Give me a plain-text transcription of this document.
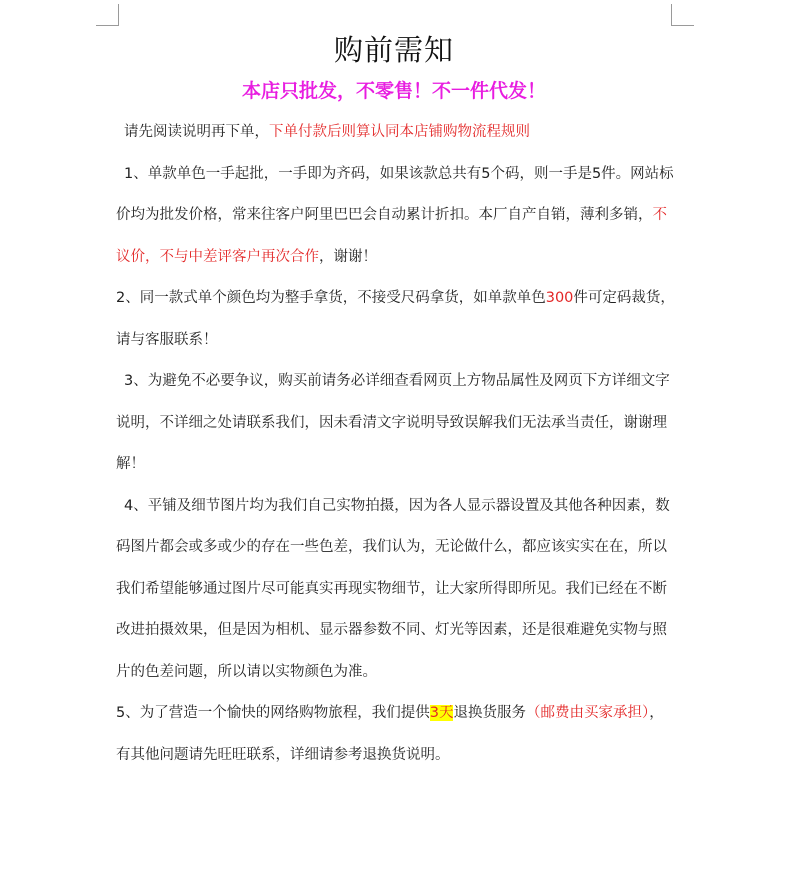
购前需知
本店只批发，不零售！不一件代发！

请先阅读说明再下单，下单付款后则算认同本店铺购物流程规则

1、单款单色一手起批，一手即为齐码，如果该款总共有5个码，则一手是5件。网站标价均为批发价格，常来往客户阿里巴巴会自动累计折扣。本厂自产自销，薄利多销，不议价，不与中差评客户再次合作，谢谢！

2、同一款式单个颜色均为整手拿货，不接受尺码拿货，如单款单色300件可定码裁货，请与客服联系！

3、为避免不必要争议，购买前请务必详细查看网页上方物品属性及网页下方详细文字说明，不详细之处请联系我们，因未看清文字说明导致误解我们无法承当责任，谢谢理解！

4、平铺及细节图片均为我们自己实物拍摄，因为各人显示器设置及其他各种因素，数码图片都会或多或少的存在一些色差，我们认为，无论做什么，都应该实实在在，所以我们希望能够通过图片尽可能真实再现实物细节，让大家所得即所见。我们已经在不断改进拍摄效果，但是因为相机、显示器参数不同、灯光等因素，还是很难避免实物与照片的色差问题，所以请以实物颜色为准。

5、为了营造一个愉快的网络购物旅程，我们提供3天退换货服务（邮费由买家承担），有其他问题请先旺旺联系，详细请参考退换货说明。
